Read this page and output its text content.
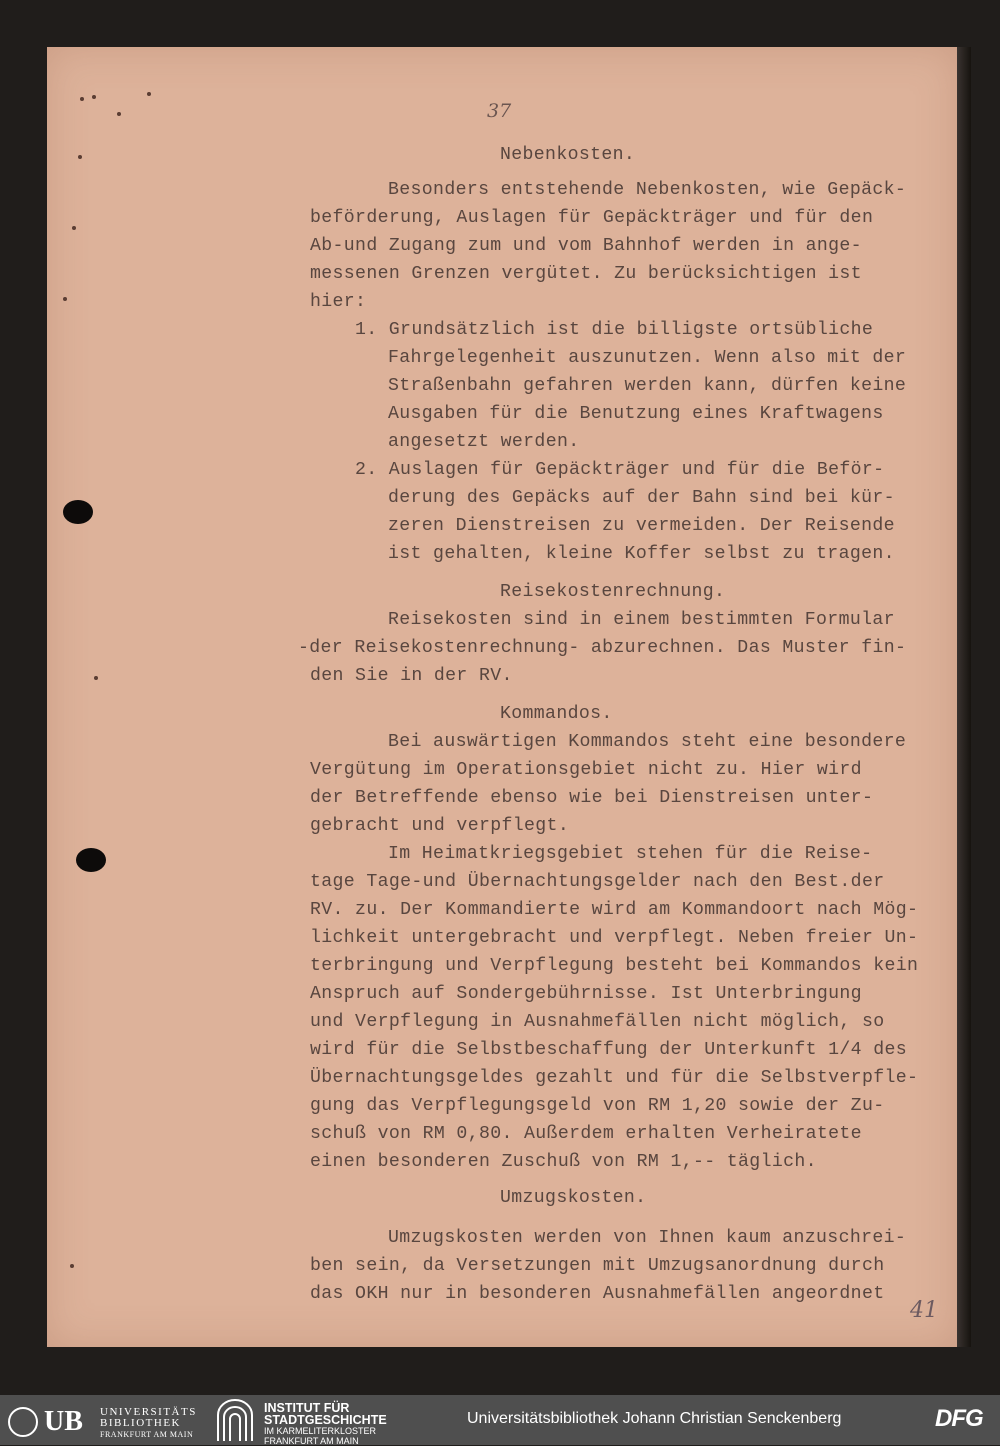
37
Nebenkosten.
Besonders entstehende Nebenkosten, wie Gepäck-
beförderung, Auslagen für Gepäckträger und für den
Ab-und Zugang zum und vom Bahnhof werden in ange-
messenen Grenzen vergütet. Zu berücksichtigen ist
hier:
1. Grundsätzlich ist die billigste ortsübliche
Fahrgelegenheit auszunutzen. Wenn also mit der
Straßenbahn gefahren werden kann, dürfen keine
Ausgaben für die Benutzung eines Kraftwagens
angesetzt werden.
2. Auslagen für Gepäckträger und für die Beför-
derung des Gepäcks auf der Bahn sind bei kür-
zeren Dienstreisen zu vermeiden. Der Reisende
ist gehalten, kleine Koffer selbst zu tragen.
Reisekostenrechnung.
Reisekosten sind in einem bestimmten Formular
-der Reisekostenrechnung- abzurechnen. Das Muster fin-
den Sie in der RV.
Kommandos.
Bei auswärtigen Kommandos steht eine besondere
Vergütung im Operationsgebiet nicht zu. Hier wird
der Betreffende ebenso wie bei Dienstreisen unter-
gebracht und verpflegt.
Im Heimatkriegsgebiet stehen für die Reise-
tage Tage-und Übernachtungsgelder nach den Best.der
RV. zu. Der Kommandierte wird am Kommandoort nach Mög-
lichkeit untergebracht und verpflegt. Neben freier Un-
terbringung und Verpflegung besteht bei Kommandos kein
Anspruch auf Sondergebührnisse. Ist Unterbringung
und Verpflegung in Ausnahmefällen nicht möglich, so
wird für die Selbstbeschaffung der Unterkunft 1/4 des
Übernachtungsgeldes gezahlt und für die Selbstverpfle-
gung das Verpflegungsgeld von RM 1,20 sowie der Zu-
schuß von RM 0,80. Außerdem erhalten Verheiratete
einen besonderen Zuschuß von RM 1,-- täglich.
Umzugskosten.
Umzugskosten werden von Ihnen kaum anzuschrei-
ben sein, da Versetzungen mit Umzugsanordnung durch
das OKH nur in besonderen Ausnahmefällen angeordnet
41
UB UNIVERSITÄTS
BIBLIOTHEK
FRANKFURT AM MAIN
INSTITUT FÜR
STADTGESCHICHTE
IM KARMELITERKLOSTER
FRANKFURT AM MAIN
Universitätsbibliothek Johann Christian Senckenberg	DFG
